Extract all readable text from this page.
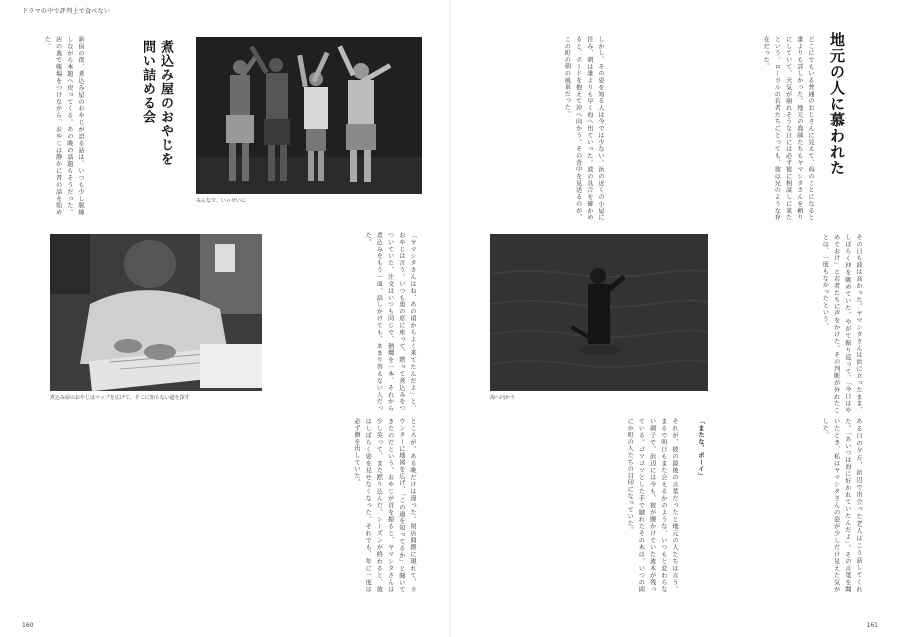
ドラマの中で評判上で食べない
新宿の夜、煮込み屋のおやじが語る話は、いつも少し脱線しながら本題へ戻ってくる。あの晩の話題もそうだった。店の奥で帳場をつけながら、おやじは静かに昔の話を始めた。	煮込み屋のおやじを
問い詰める会
みんなで、いっせいに
煮込み屋のおやじはマップを広げて、そこに知らない道を探す	「ヤマシタさんはね、あの頃からよく来てたんだよ」と、おやじは言う。いつも奥の席に座って、黙って煮込みをつついていた。注文はいつも同じで、熱燗を一本、それから煮込みをもう一皿。話しかけても、あまり答えない人だった。
ところが、ある晩だけは違った。閉店間際に現れて、カウンターに地図を広げ、「この道を知ってるか」と聞いてきたのだという。おやじが首を振ると、ヤマシタさんは少し笑って、また黙り込んだ。シーズンが終わると、彼はしばらく姿を見せなくなった。それでも、年に一度は必ず顔を出していた。
160
地元の人に慕われた
どこにでもいる普通のおじさんに見えて、海のことになると誰よりも詳しかった。地元の漁師たちもヤマシタさんを頼りにしていて、天気が崩れそうな日には必ず彼に相談しに来たという。ローカルの若者たちにとっても、彼は兄のような存在だった。
しかし、その姿を知る人は今では少ない。浜の近くの小屋に住み、朝は誰よりも早く海へ出ていった。波の具合を確かめると、ボードを抱えて沖へ向かう。その背中を見送るのが、この町の朝の風景だった。
海へ向かう	その日も波は高かった。ヤマシタさんは浜に立ったまま、しばらく沖を眺めていた。やがて振り返って、「今日はやめておけ」と若者たちに声をかけた。その判断が外れたことは、一度もなかったという。
ある日の夕方、浜辺で出会った老人はこう話してくれた。「あいつは海に好かれていたんだよ」。その言葉を聞いたとき、私はヤマシタさんの姿が少しだけ見えた気がした。
「またな、ボーイ」
それが、彼の最後の言葉だったと地元の人たちは言う。まるで明日もまた会えるかのような、いつもと変わらない調子で。浜辺には今も、彼が腰かけていた流木が残っている。ゴツゴツとした手で触れたその木は、いつの間にか町の人たちの目印になっていた。
161
